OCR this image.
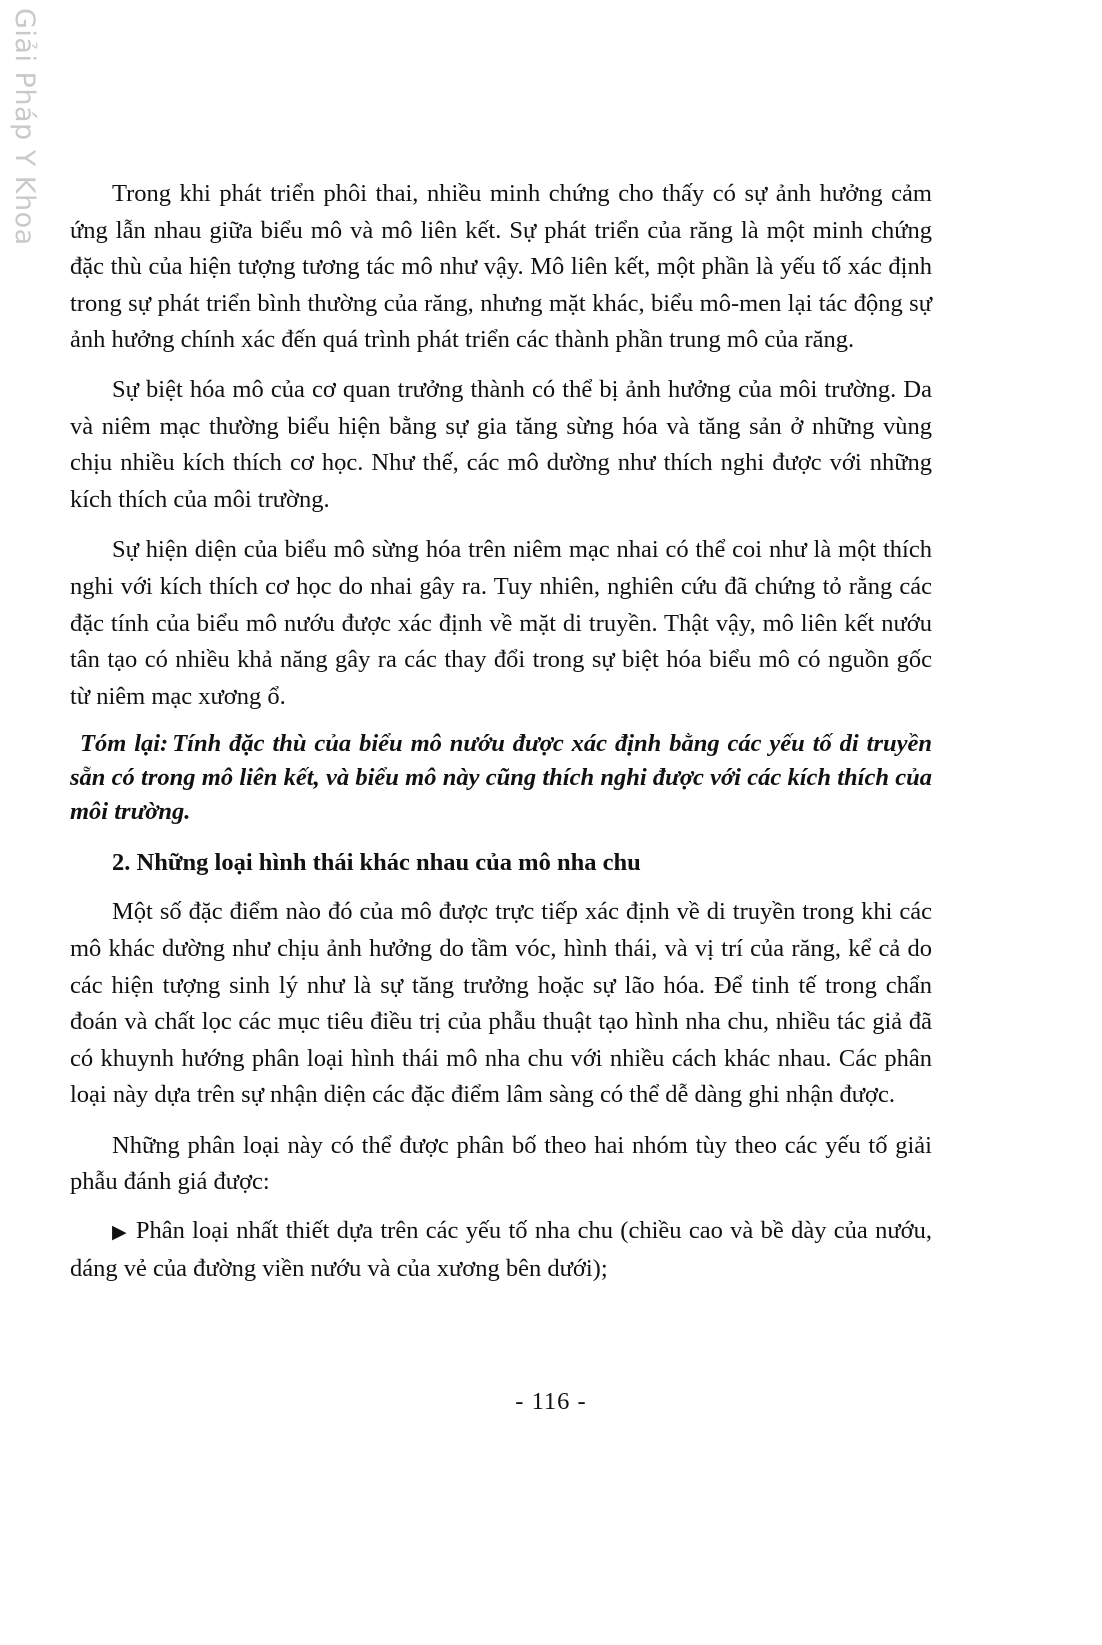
Giải Pháp Y Khoa	Trong khi phát triển phôi thai, nhiều minh chứng cho thấy có sự ảnh hưởng cảm ứng lẫn nhau giữa biểu mô và mô liên kết. Sự phát triển của răng là một minh chứng đặc thù của hiện tượng tương tác mô như vậy. Mô liên kết, một phần là yếu tố xác định trong sự phát triển bình thường của răng, nhưng mặt khác, biểu mô-men lại tác động sự ảnh hưởng chính xác đến quá trình phát triển các thành phần trung mô của răng.

Sự biệt hóa mô của cơ quan trưởng thành có thể bị ảnh hưởng của môi trường. Da và niêm mạc thường biểu hiện bằng sự gia tăng sừng hóa và tăng sản ở những vùng chịu nhiều kích thích cơ học. Như thế, các mô dường như thích nghi được với những kích thích của môi trường.

Sự hiện diện của biểu mô sừng hóa trên niêm mạc nhai có thể coi như là một thích nghi với kích thích cơ học do nhai gây ra. Tuy nhiên, nghiên cứu đã chứng tỏ rằng các đặc tính của biểu mô nướu được xác định về mặt di truyền. Thật vậy, mô liên kết nướu tân tạo có nhiều khả năng gây ra các thay đổi trong sự biệt hóa biểu mô có nguồn gốc từ niêm mạc xương ổ.

Tóm lại: Tính đặc thù của biểu mô nướu được xác định bằng các yếu tố di truyền sẵn có trong mô liên kết, và biểu mô này cũng thích nghi được với các kích thích của môi trường.

2. Những loại hình thái khác nhau của mô nha chu

Một số đặc điểm nào đó của mô được trực tiếp xác định về di truyền trong khi các mô khác dường như chịu ảnh hưởng do tầm vóc, hình thái, và vị trí của răng, kể cả do các hiện tượng sinh lý như là sự tăng trưởng hoặc sự lão hóa. Để tinh tế trong chẩn đoán và chất lọc các mục tiêu điều trị của phẫu thuật tạo hình nha chu, nhiều tác giả đã có khuynh hướng phân loại hình thái mô nha chu với nhiều cách khác nhau. Các phân loại này dựa trên sự nhận diện các đặc điểm lâm sàng có thể dễ dàng ghi nhận được.

Những phân loại này có thể được phân bố theo hai nhóm tùy theo các yếu tố giải phẫu đánh giá được:

▶ Phân loại nhất thiết dựa trên các yếu tố nha chu (chiều cao và bề dày của nướu, dáng vẻ của đường viền nướu và của xương bên dưới);

- 116 -
